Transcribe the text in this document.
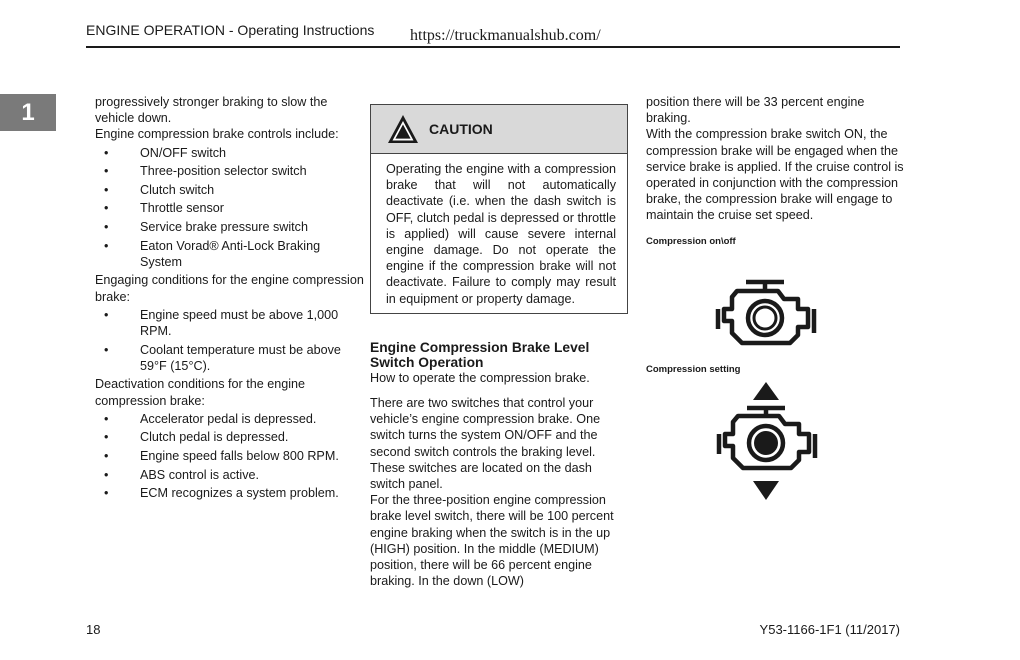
ENGINE OPERATION - Operating Instructions https://truckmanualshub.com/
1	progressively stronger braking to slow the vehicle down.

Engine compression brake controls include:

•	ON/OFF switch
•	Three-position selector switch
•	Clutch switch
•	Throttle sensor
•	Service brake pressure switch
•	Eaton Vorad® Anti-Lock Braking System

Engaging conditions for the engine compression brake:

•	Engine speed must be above 1,000 RPM.
•	Coolant temperature must be above 59°F (15°C).

Deactivation conditions for the engine compression brake:

•	Accelerator pedal is depressed.
•	Clutch pedal is depressed.
•	Engine speed falls below 800 RPM.
•	ABS control is active.
•	ECM recognizes a system problem.
CAUTION
Operating the engine with a compression brake that will not automatically deactivate (i.e. when the dash switch is OFF, clutch pedal is depressed or throttle is applied) will cause severe internal engine damage. Do not operate the engine if the compression brake will not deactivate. Failure to comply may result in equipment or property damage.
Engine Compression Brake Level Switch Operation

How to operate the compression brake.

There are two switches that control your vehicle’s engine compression brake. One switch turns the system ON/OFF and the second switch controls the braking level. These switches are located on the dash switch panel.

For the three-position engine compression brake level switch, there will be 100 percent engine braking when the switch is in the up (HIGH) position. In the middle (MEDIUM) position, there will be 66 percent engine braking. In the down (LOW)

position there will be 33 percent engine braking.

With the compression brake switch ON, the compression brake will be engaged when the service brake is applied. If the cruise control is operated in conjunction with the compression brake, the compression brake will engage to maintain the cruise set speed.

Compression on\off
Compression setting
18	Y53-1166-1F1 (11/2017)
